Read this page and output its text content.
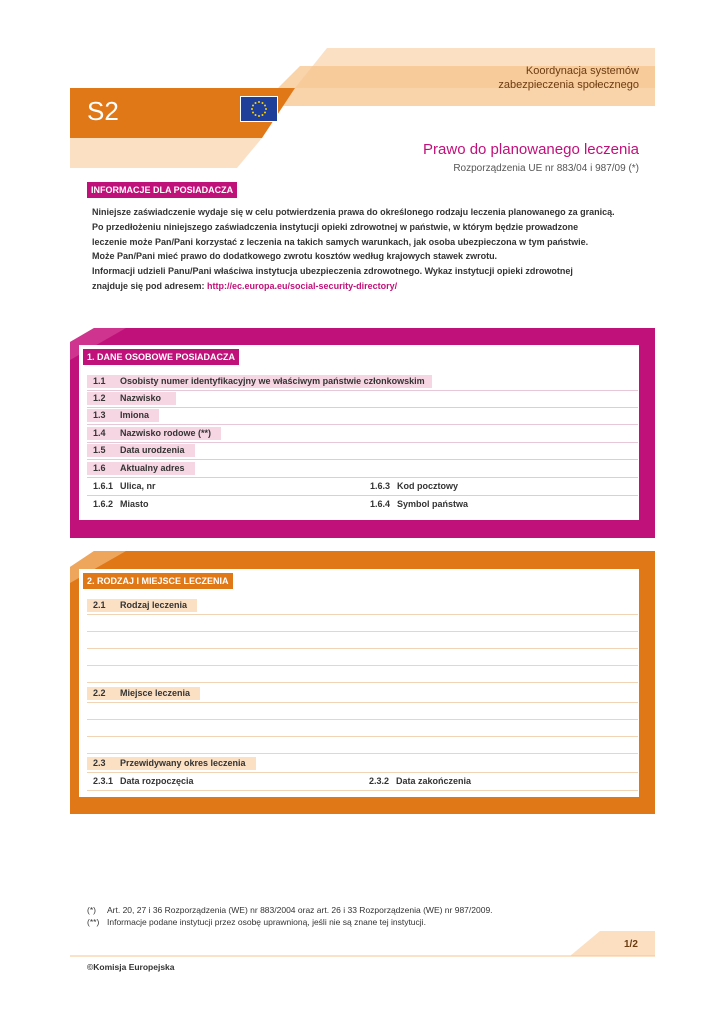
Koordynacja systemów
zabezpieczenia społecznego
S2
Prawo do planowanego leczenia
Rozporządzenia UE nr 883/04 i 987/09 (*)
INFORMACJE DLA POSIADACZA
Niniejsze zaświadczenie wydaje się w celu potwierdzenia prawa do określonego rodzaju leczenia planowanego za granicą.
Po przedłożeniu niniejszego zaświadczenia instytucji opieki zdrowotnej w państwie, w którym będzie prowadzone
leczenie może Pan/Pani korzystać z leczenia na takich samych warunkach, jak osoba ubezpieczona w tym państwie.
Może Pan/Pani mieć prawo do dodatkowego zwrotu kosztów według krajowych stawek zwrotu.
Informacji udzieli Panu/Pani właściwa instytucja ubezpieczenia zdrowotnego. Wykaz instytucji opieki zdrowotnej
znajduje się pod adresem: http://ec.europa.eu/social-security-directory/
1. DANE OSOBOWE POSIADACZA
1.1 Osobisty numer identyfikacyjny we właściwym państwie członkowskim
1.2 Nazwisko
1.3 Imiona
1.4 Nazwisko rodowe (**)
1.5 Data urodzenia
1.6 Aktualny adres
1.6.1 Ulica, nr	1.6.3 Kod pocztowy
1.6.2 Miasto	1.6.4 Symbol państwa
2. RODZAJ I MIEJSCE LECZENIA
2.1 Rodzaj leczenia
2.2 Miejsce leczenia
2.3 Przewidywany okres leczenia
2.3.1 Data rozpoczęcia	2.3.2 Data zakończenia
(*) Art. 20, 27 i 36 Rozporządzenia (WE) nr 883/2004 oraz art. 26 i 33 Rozporządzenia (WE) nr 987/2009.
(**) Informacje podane instytucji przez osobę uprawnioną, jeśli nie są znane tej instytucji.
1/2
©Komisja Europejska
